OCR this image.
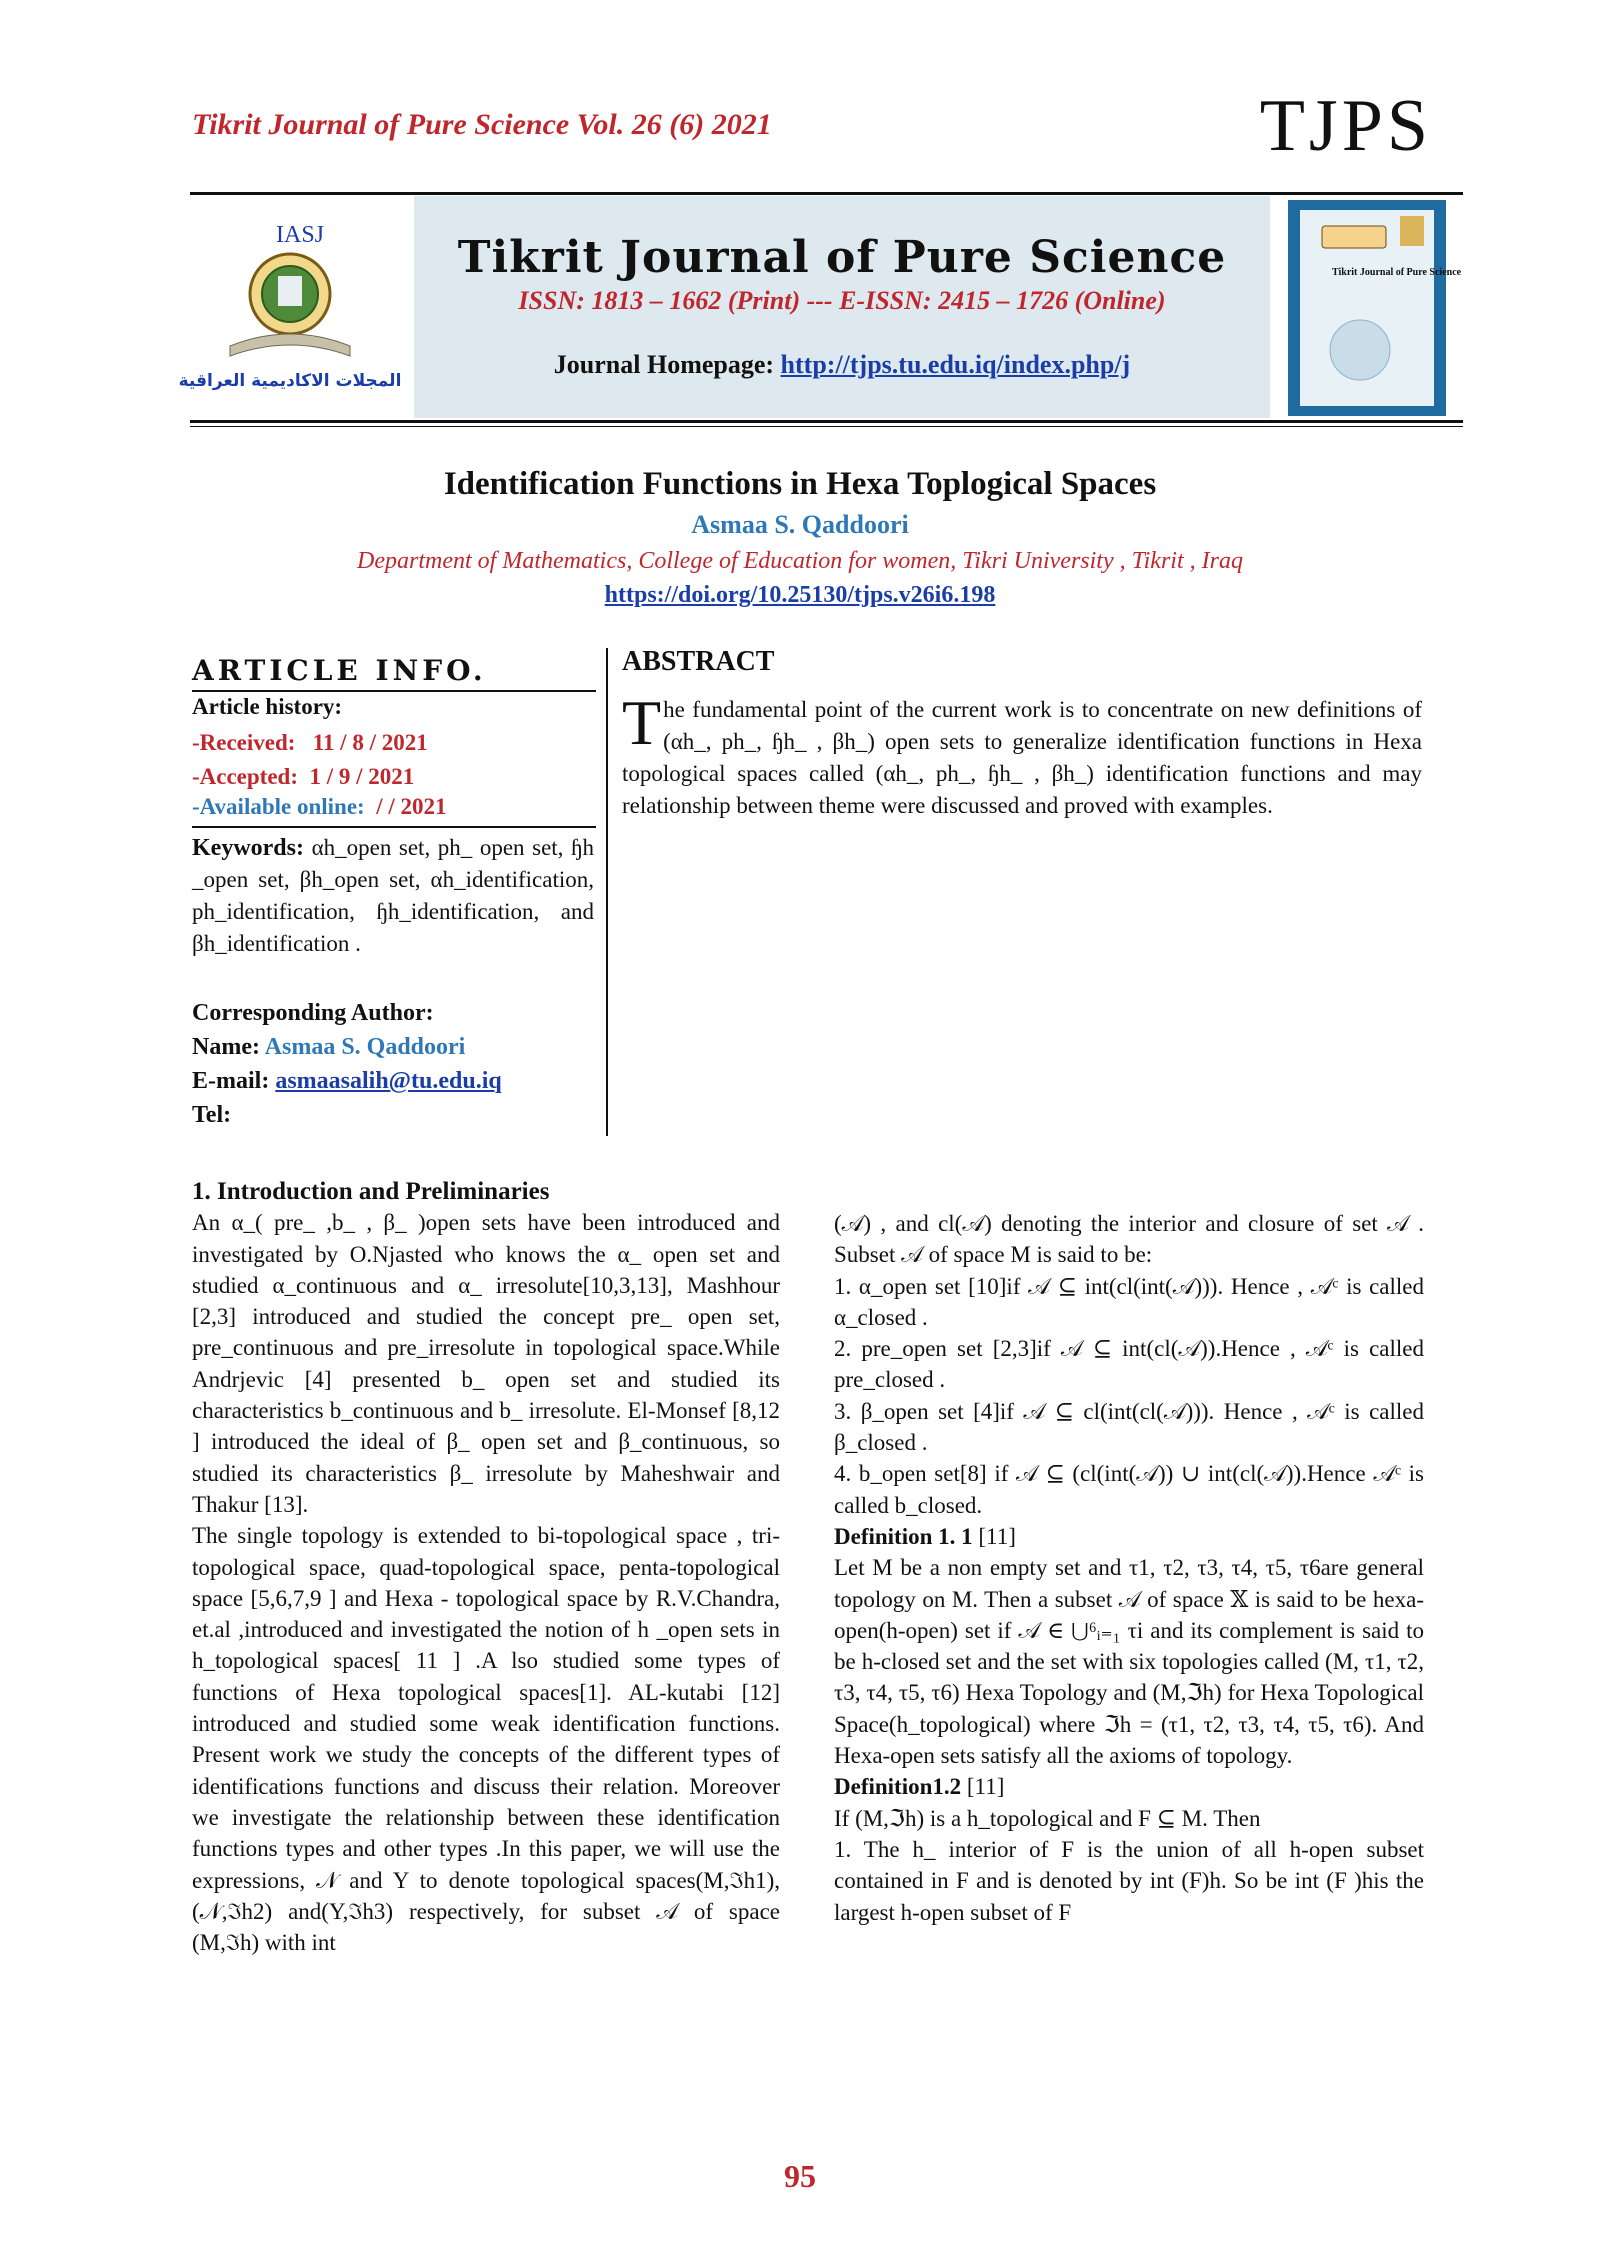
Tikrit Journal of Pure Science Vol. 26 (6) 2021	TJPS
IASJ
المجلات الاكاديمية العراقية
Tikrit Journal of Pure Science
ISSN: 1813 – 1662 (Print) --- E-ISSN: 2415 – 1726 (Online)
Journal Homepage: http://tjps.tu.edu.iq/index.php/j
Tikrit Journal of Pure Science
Identification Functions in Hexa Toplogical Spaces
Asmaa S. Qaddoori
Department of Mathematics, College of Education for women, Tikri University , Tikrit , Iraq
https://doi.org/10.25130/tjps.v26i6.198
ARTICLE INFO.
Article history:
-Received: 11 / 8 / 2021
-Accepted: 1 / 9 / 2021
-Available online: / / 2021
Keywords: αh_open set, ph_ open set, ɧh _open set, βh_open set, αh_identification, ph_identification, ɧh_identification, and βh_identification .
Corresponding Author:
Name: Asmaa S. Qaddoori
E-mail: asmaasalih@tu.edu.iq
Tel:
ABSTRACT
T he fundamental point of the current work is to concentrate on new definitions of (αh_, ph_, ɧh_ , βh_) open sets to generalize identification functions in Hexa topological spaces called (αh_, ph_, ɧh_ , βh_) identification functions and may relationship between theme were discussed and proved with examples.
1. Introduction and Preliminaries

An α_( pre_ ,b_ , β_ )open sets have been introduced and investigated by O.Njasted who knows the α_ open set and studied α_continuous and α_ irresolute[10,3,13], Mashhour [2,3] introduced and studied the concept pre_ open set, pre_continuous and pre_irresolute in topological space.While Andrjevic [4] presented b_ open set and studied its characteristics b_continuous and b_ irresolute. El-Monsef [8,12 ] introduced the ideal of β_ open set and β_continuous, so studied its characteristics β_ irresolute by Maheshwair and Thakur [13].

The single topology is extended to bi-topological space , tri-topological space, quad-topological space, penta-topological space [5,6,7,9 ] and Hexa - topological space by R.V.Chandra, et.al ,introduced and investigated the notion of h _open sets in h_topological spaces[ 11 ] .A lso studied some types of functions of Hexa topological spaces[1]. AL-kutabi [12] introduced and studied some weak identification functions. Present work we study the concepts of the different types of identifications functions and discuss their relation. Moreover we investigate the relationship between these identification functions types and other types .In this paper, we will use the expressions, 𝒩 and Y to denote topological spaces(M,ℑh1), (𝒩,ℑh2) and(Y,ℑh3) respectively, for subset 𝒜 of space (M,ℑh) with int

(𝒜) , and cl(𝒜) denoting the interior and closure of set 𝒜 . Subset 𝒜 of space M is said to be:

1. α_open set [10]if 𝒜 ⊆ int(cl(int(𝒜))). Hence , 𝒜ᶜ is called α_closed .

2. pre_open set [2,3]if 𝒜 ⊆ int(cl(𝒜)).Hence , 𝒜ᶜ is called pre_closed .

3. β_open set [4]if 𝒜 ⊆ cl(int(cl(𝒜))). Hence , 𝒜ᶜ is called β_closed .

4. b_open set[8] if 𝒜 ⊆ (cl(int(𝒜)) ∪ int(cl(𝒜)).Hence 𝒜ᶜ is called b_closed.

Definition 1. 1 [11]

Let M be a non empty set and τ1, τ2, τ3, τ4, τ5, τ6are general topology on M. Then a subset 𝒜 of space 𝕏 is said to be hexa-open(h-open) set if 𝒜 ∈ ⋃⁶ᵢ₌₁ τi and its complement is said to be h-closed set and the set with six topologies called (M, τ1, τ2, τ3, τ4, τ5, τ6) Hexa Topology and (M,ℑh) for Hexa Topological Space(h_topological) where ℑh = (τ1, τ2, τ3, τ4, τ5, τ6). And Hexa-open sets satisfy all the axioms of topology.

Definition1.2 [11]

If (M,ℑh) is a h_topological and F ⊆ M. Then

1. The h_ interior of F is the union of all h-open subset contained in F and is denoted by int (F)h. So be int (F )his the largest h-open subset of F

95
